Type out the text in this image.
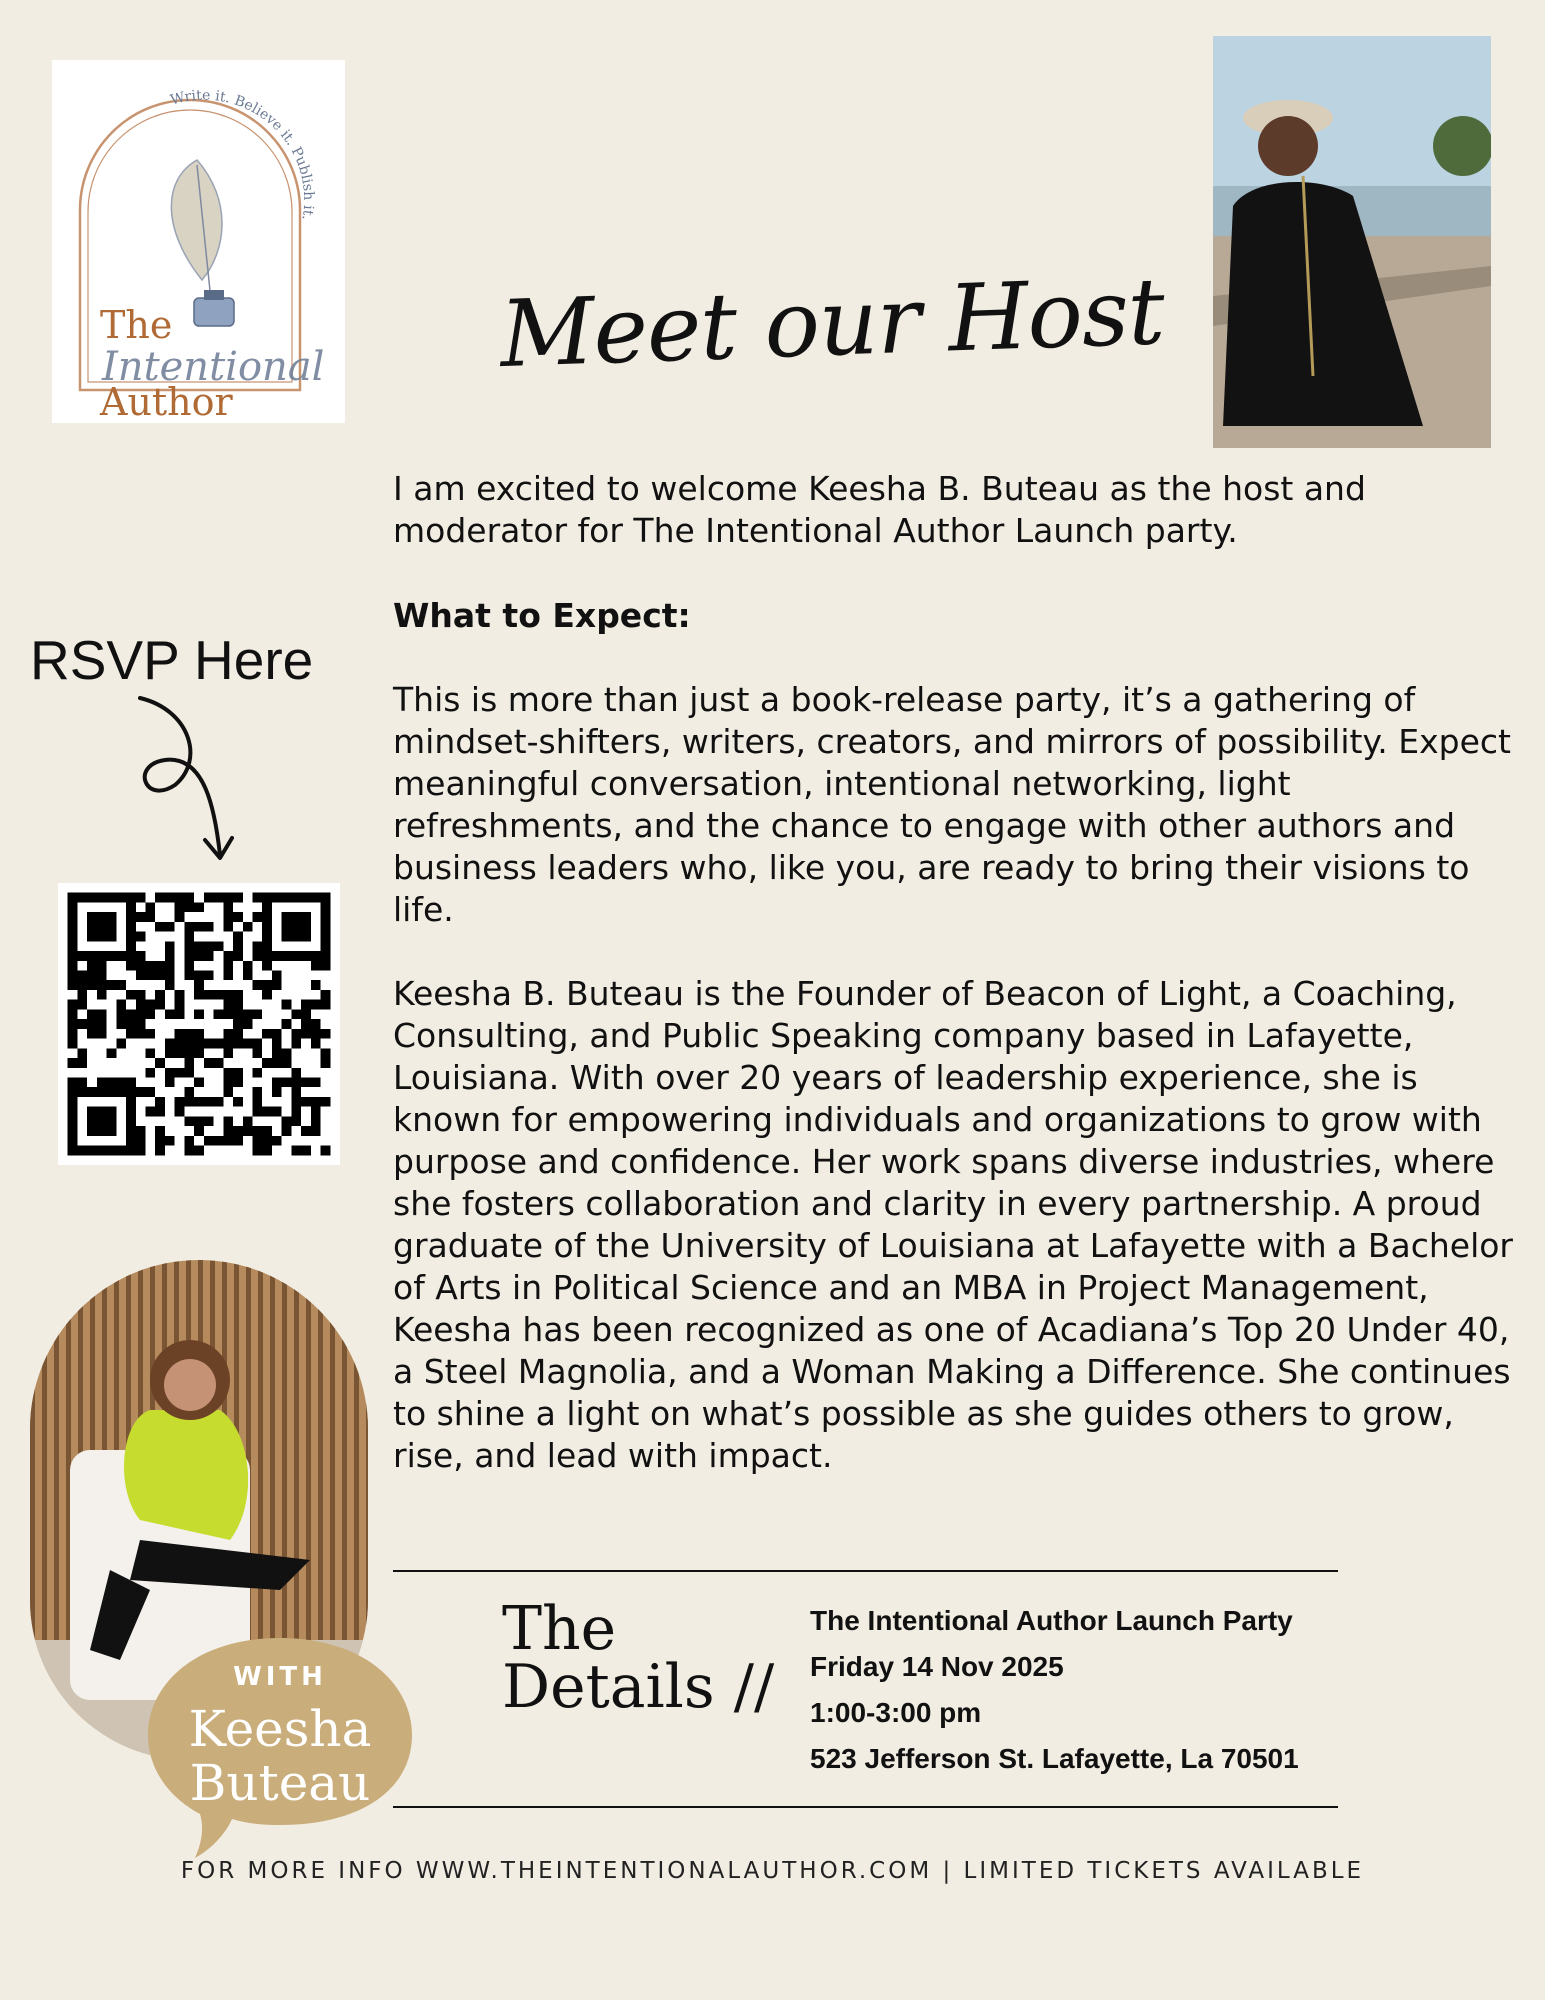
Write it. Believe it. Publish it.
The
Intentional
Author
Meet our Host
I am excited to welcome Keesha B. Buteau as the host and moderator for The Intentional Author Launch party.
What to Expect:
This is more than just a book-release party, it’s a gathering of mindset-shifters, writers, creators, and mirrors of possibility. Expect meaningful conversation, intentional networking, light refreshments, and the chance to engage with other authors and business leaders who, like you, are ready to bring their visions to life.
Keesha B. Buteau is the Founder of Beacon of Light, a Coaching, Consulting, and Public Speaking company based in Lafayette, Louisiana. With over 20 years of leadership experience, she is known for empowering individuals and organizations to grow with purpose and confidence. Her work spans diverse industries, where she fosters collaboration and clarity in every partnership. A proud graduate of the University of Louisiana at Lafayette with a Bachelor of Arts in Political Science and an MBA in Project Management, Keesha has been recognized as one of Acadiana’s Top 20 Under 40, a Steel Magnolia, and a Woman Making a Difference. She continues to shine a light on what’s possible as she guides others to grow, rise, and lead with impact.
RSVP Here
WITH
Keesha
Buteau
The
Details //
The Intentional Author Launch Party
Friday 14 Nov 2025
1:00-3:00 pm
523 Jefferson St. Lafayette, La 70501
FOR MORE INFO WWW.THEINTENTIONALAUTHOR.COM | LIMITED TICKETS AVAILABLE
